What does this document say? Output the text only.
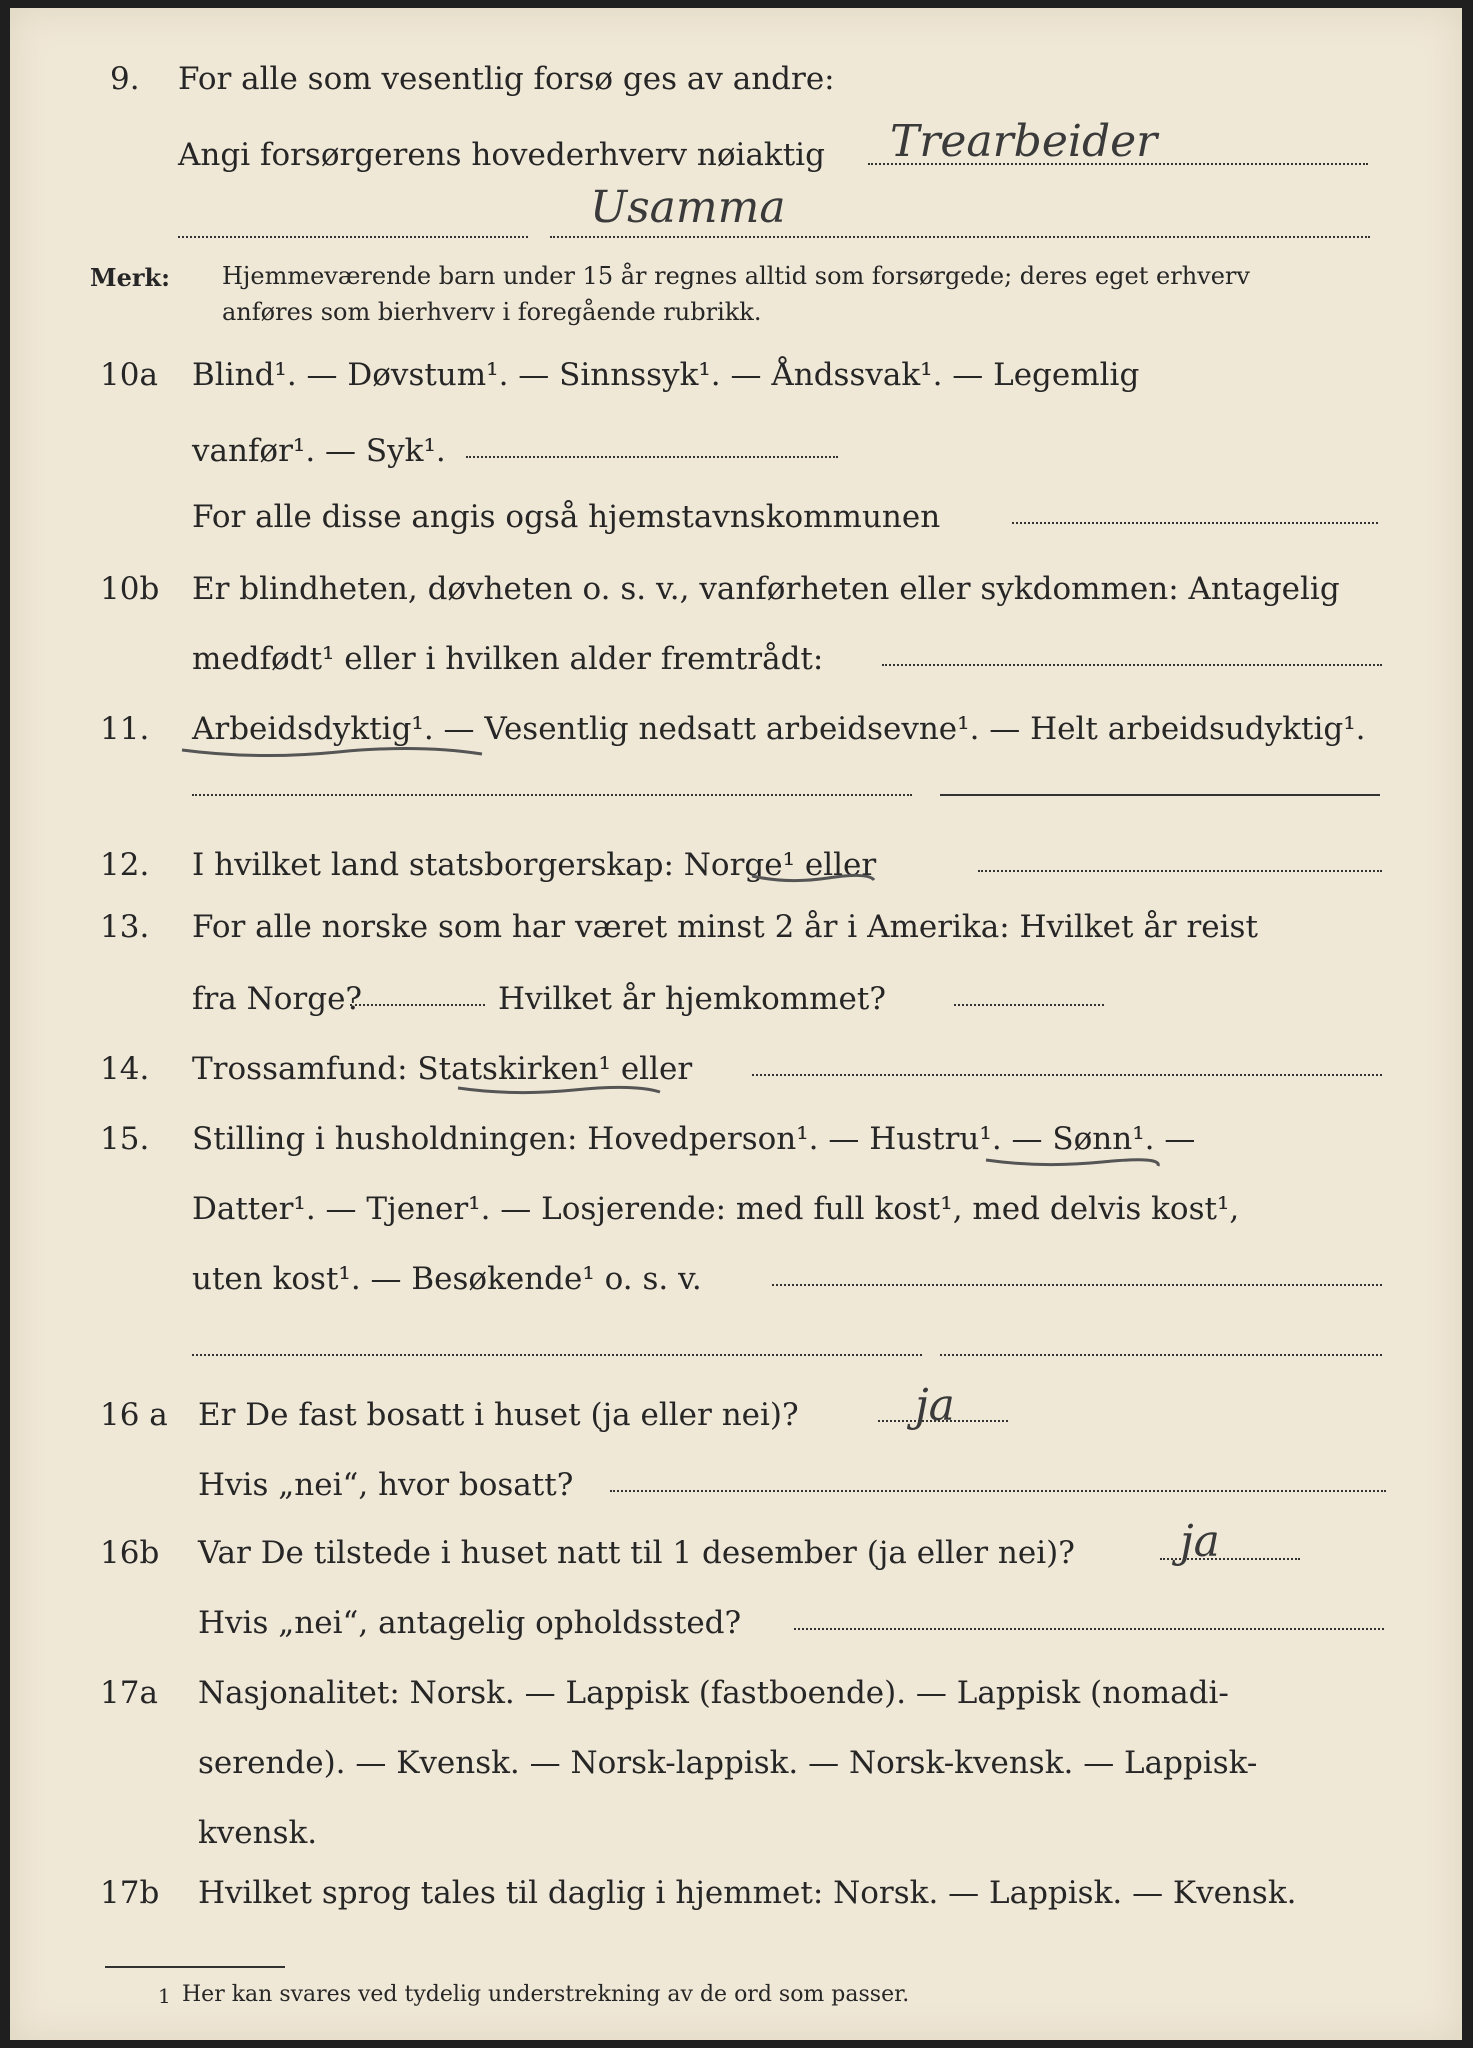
9. For alle som vesentlig forsø ges av andre:
Angi forsørgerens hovederhverv nøiaktig Trearbeider
Usamma
Merk: Hjemmeværende barn under 15 år regnes alltid som forsørgede; deres eget erhverv
anføres som bierhverv i foregående rubrikk.
10a Blind¹. — Døvstum¹. — Sinnssyk¹. — Åndssvak¹. — Legemlig
vanfør¹. — Syk¹.
For alle disse angis også hjemstavnskommunen
10b Er blindheten, døvheten o. s. v., vanførheten eller sykdommen: Antagelig
medfødt¹ eller i hvilken alder fremtrådt:
11. Arbeidsdyktig¹. — Vesentlig nedsatt arbeidsevne¹. — Helt arbeidsudyktig¹.
12. I hvilket land statsborgerskap: Norge¹ eller
13. For alle norske som har været minst 2 år i Amerika: Hvilket år reist
fra Norge?	Hvilket år hjemkommet?
14. Trossamfund: Statskirken¹ eller
15. Stilling i husholdningen: Hovedperson¹. — Hustru¹. — Sønn¹. —
Datter¹. — Tjener¹. — Losjerende: med full kost¹, med delvis kost¹,
uten kost¹. — Besøkende¹ o. s. v.
16 a Er De fast bosatt i huset (ja eller nei)?	ja
Hvis „nei“, hvor bosatt?
16b Var De tilstede i huset natt til 1 desember (ja eller nei)? ja
Hvis „nei“, antagelig opholdssted?
17a Nasjonalitet: Norsk. — Lappisk (fastboende). — Lappisk (nomadi-
serende). — Kvensk. — Norsk-lappisk. — Norsk-kvensk. — Lappisk-
kvensk.
17b Hvilket sprog tales til daglig i hjemmet: Norsk. — Lappisk. — Kvensk.
1 Her kan svares ved tydelig understrekning av de ord som passer.
